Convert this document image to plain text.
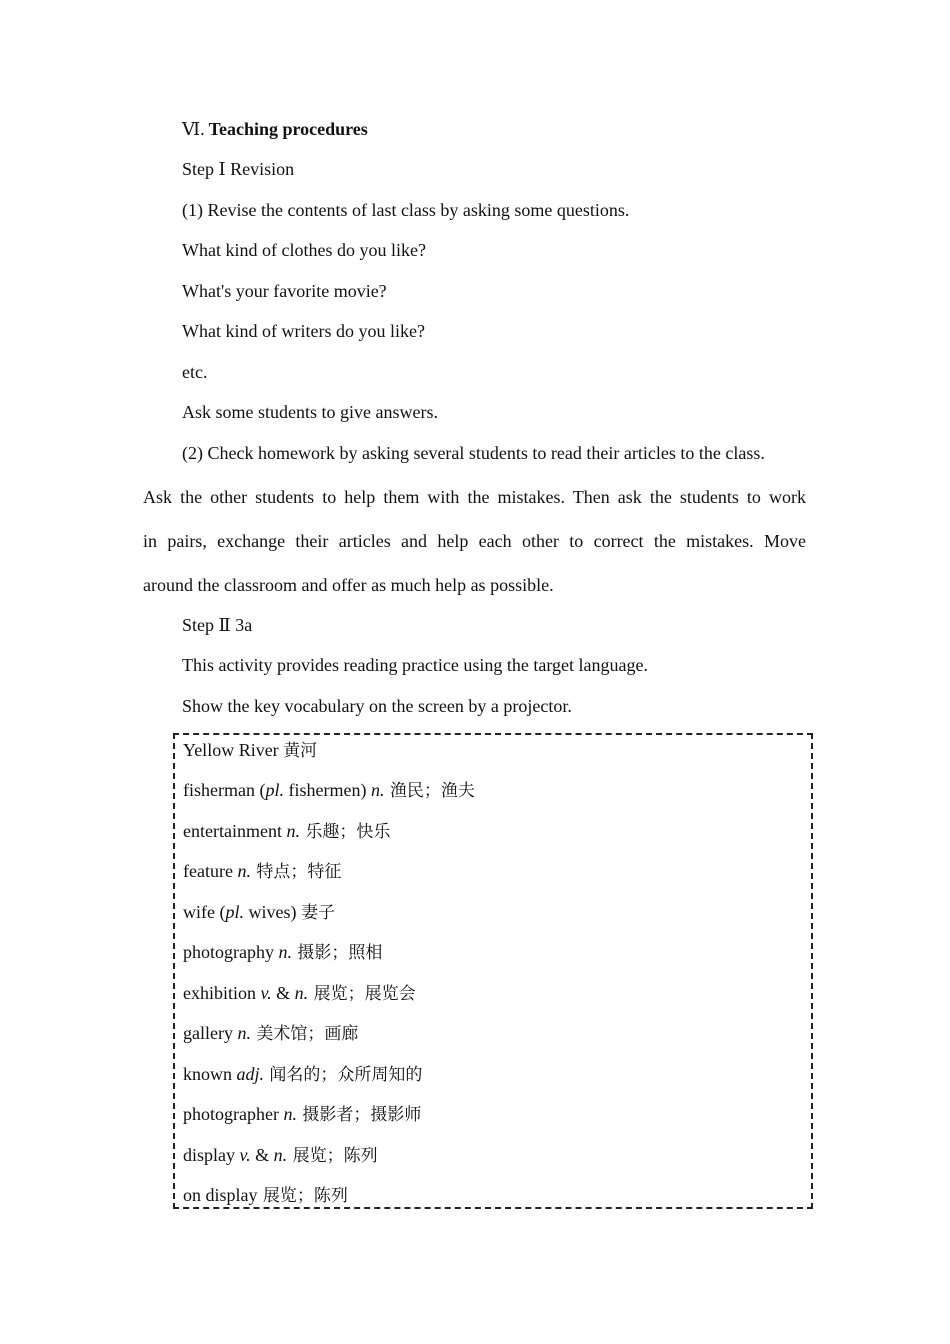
Ⅵ. Teaching procedures
Step Ⅰ Revision
(1) Revise the contents of last class by asking some questions.
What kind of clothes do you like?
What's your favorite movie?
What kind of writers do you like?
etc.
Ask some students to give answers.
(2) Check homework by asking several students to read their articles to the class.
Ask the other students to help them with the mistakes. Then ask the students to work
in pairs, exchange their articles and help each other to correct the mistakes. Move
around the classroom and offer as much help as possible.
Step Ⅱ 3a
This activity provides reading practice using the target language.
Show the key vocabulary on the screen by a projector.
Yellow River 黄河
fisherman (pl. fishermen) n. 渔民；渔夫
entertainment n. 乐趣；快乐
feature n. 特点；特征
wife (pl. wives) 妻子
photography n. 摄影；照相
exhibition v. & n. 展览；展览会
gallery n. 美术馆；画廊
known adj. 闻名的；众所周知的
photographer n. 摄影者；摄影师
display v. & n. 展览；陈列
on display 展览；陈列
